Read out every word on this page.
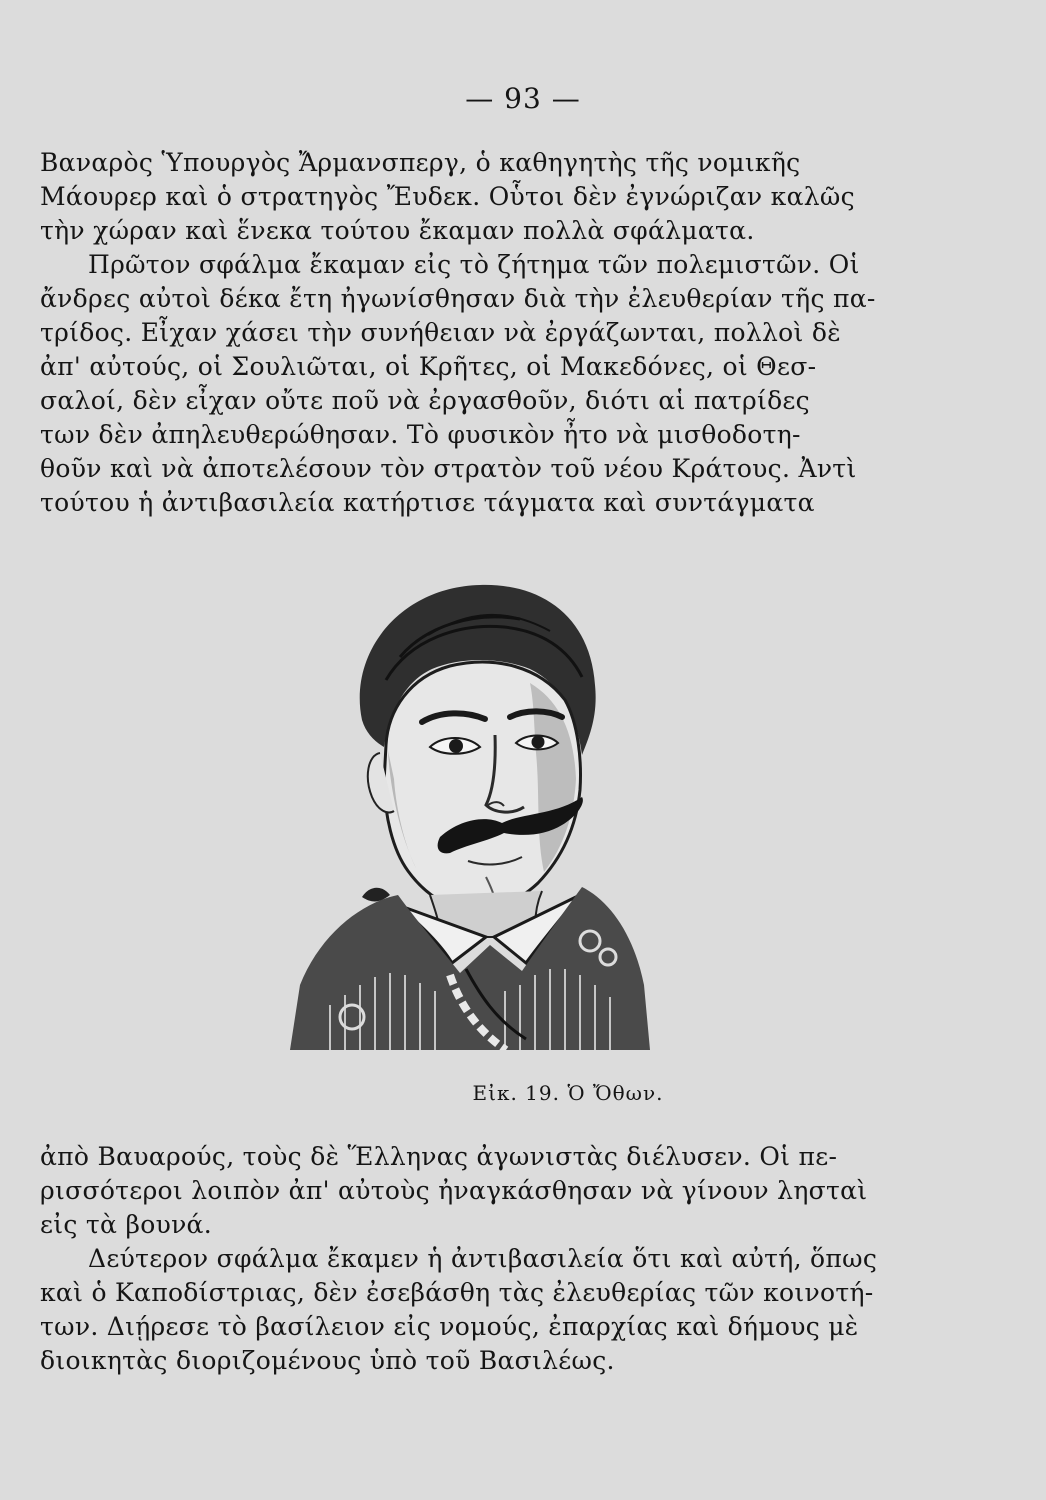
— 93 —
Βαναρὸς Ὑπουργὸς Ἄρμανσπεργ, ὁ καθηγητὴς τῆς νομικῆς
Μάουρερ καὶ ὁ στρατηγὸς Ἔυδεκ. Οὗτοι δὲν ἐγνώριζαν καλῶς
τὴν χώραν καὶ ἕνεκα τούτου ἔκαμαν πολλὰ σφάλματα.
Πρῶτον σφάλμα ἔκαμαν εἰς τὸ ζήτημα τῶν πολεμιστῶν. Οἱ
ἄνδρες αὐτοὶ δέκα ἔτη ἠγωνίσθησαν διὰ τὴν ἐλευθερίαν τῆς πα-
τρίδος. Εἶχαν χάσει τὴν συνήθειαν νὰ ἐργάζωνται, πολλοὶ δὲ
ἀπ' αὐτούς, οἱ Σουλιῶται, οἱ Κρῆτες, οἱ Μακεδόνες, οἱ Θεσ-
σαλοί, δὲν εἶχαν οὔτε ποῦ νὰ ἐργασθοῦν, διότι αἱ πατρίδες
των δὲν ἀπηλευθερώθησαν. Τὸ φυσικὸν ἦτο νὰ μισθοδοτη-
θοῦν καὶ νὰ ἀποτελέσουν τὸν στρατὸν τοῦ νέου Κράτους. Ἀντὶ
τούτου ἡ ἀντιβασιλεία κατήρτισε τάγματα καὶ συντάγματα
Εἰκ. 19. Ὁ Ὄθων.
ἀπὸ Βαυαρούς, τοὺς δὲ Ἕλληνας ἀγωνιστὰς διέλυσεν. Οἱ πε-
ρισσότεροι λοιπὸν ἀπ' αὐτοὺς ἠναγκάσθησαν νὰ γίνουν λησταὶ
εἰς τὰ βουνά.
Δεύτερον σφάλμα ἔκαμεν ἡ ἀντιβασιλεία ὅτι καὶ αὐτή, ὅπως
καὶ ὁ Καποδίστριας, δὲν ἐσεβάσθη τὰς ἐλευθερίας τῶν κοινοτή-
των. Διῄρεσε τὸ βασίλειον εἰς νομούς, ἐπαρχίας καὶ δήμους μὲ
διοικητὰς διοριζομένους ὑπὸ τοῦ Βασιλέως.
